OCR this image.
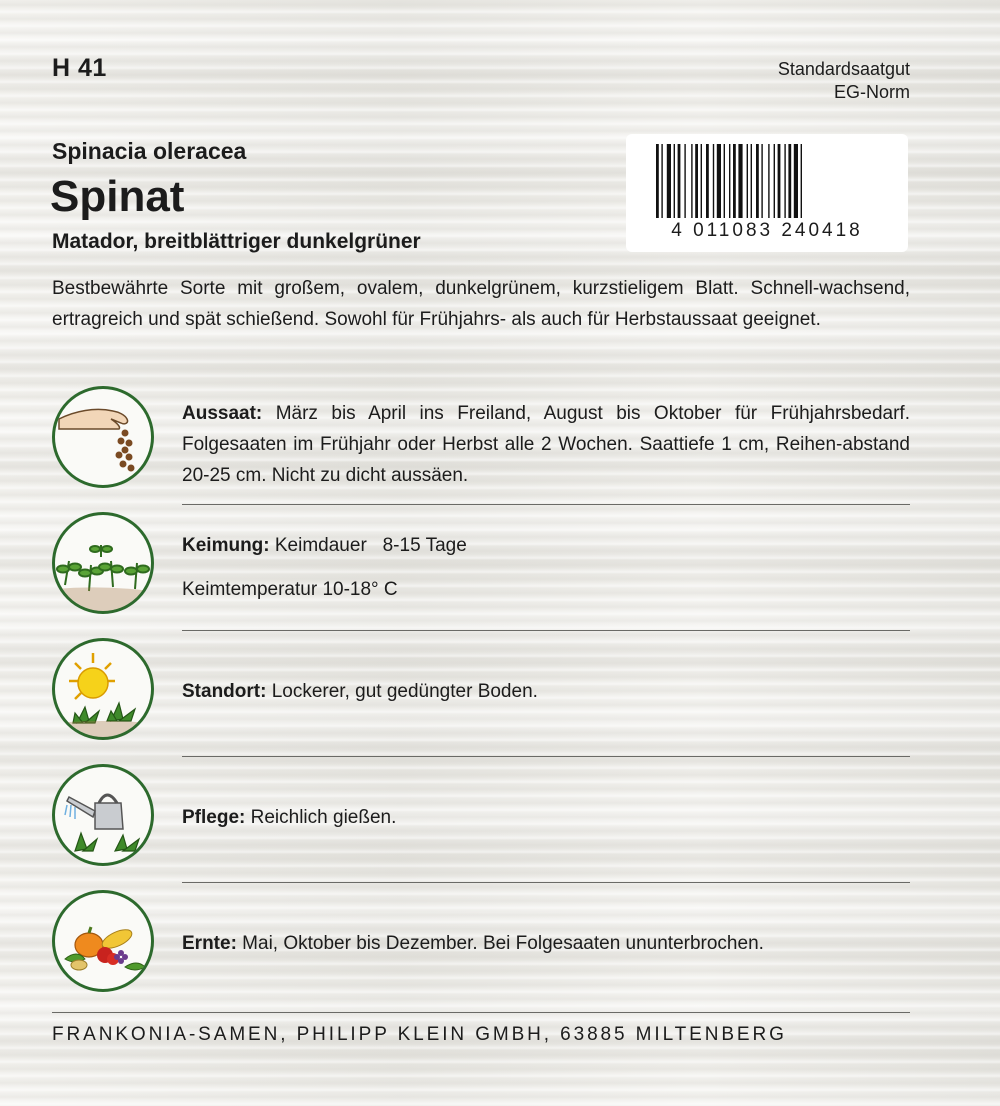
H 41	Standardsaatgut
EG-Norm
Spinacia oleracea
Spinat
Matador, breitblättriger dunkelgrüner	4 011083 240418
Bestbewährte Sorte mit großem, ovalem, dunkelgrünem, kurzstieligem Blatt. Schnell-wachsend, ertragreich und spät schießend. Sowohl für Frühjahrs- als auch für Herbstaussaat geeignet.
Aussaat: März bis April ins Freiland, August bis Oktober für Frühjahrsbedarf. Folgesaaten im Frühjahr oder Herbst alle 2 Wochen. Saattiefe 1 cm, Reihen-abstand 20-25 cm. Nicht zu dicht aussäen.
Keimung: Keimdauer   8-15 Tage
Keimtemperatur 10-18° C
Standort: Lockerer, gut gedüngter Boden.
Pflege: Reichlich gießen.
Ernte: Mai, Oktober bis Dezember. Bei Folgesaaten ununterbrochen.
FRANKONIA-SAMEN, PHILIPP KLEIN GMBH, 63885 MILTENBERG
